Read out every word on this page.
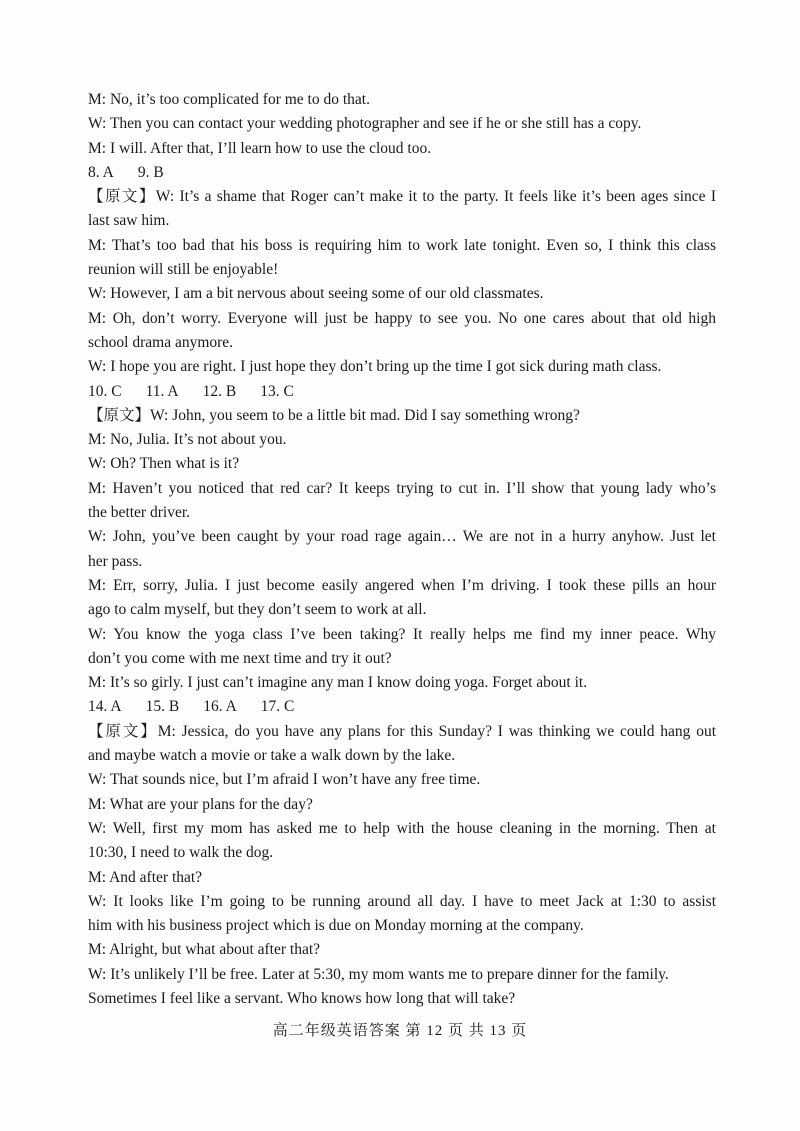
M: No, it’s too complicated for me to do that.
W: Then you can contact your wedding photographer and see if he or she still has a copy.
M: I will. After that, I’ll learn how to use the cloud too.
8. A 9. B
【原文】W: It’s a shame that Roger can’t make it to the party. It feels like it’s been ages since I
last saw him.
M: That’s too bad that his boss is requiring him to work late tonight. Even so, I think this class
reunion will still be enjoyable!
W: However, I am a bit nervous about seeing some of our old classmates.
M: Oh, don’t worry. Everyone will just be happy to see you. No one cares about that old high
school drama anymore.
W: I hope you are right. I just hope they don’t bring up the time I got sick during math class.
10. C 11. A 12. B 13. C
【原文】W: John, you seem to be a little bit mad. Did I say something wrong?
M: No, Julia. It’s not about you.
W: Oh? Then what is it?
M: Haven’t you noticed that red car? It keeps trying to cut in. I’ll show that young lady who’s
the better driver.
W: John, you’ve been caught by your road rage again… We are not in a hurry anyhow. Just let
her pass.
M: Err, sorry, Julia. I just become easily angered when I’m driving. I took these pills an hour
ago to calm myself, but they don’t seem to work at all.
W: You know the yoga class I’ve been taking? It really helps me find my inner peace. Why
don’t you come with me next time and try it out?
M: It’s so girly. I just can’t imagine any man I know doing yoga. Forget about it.
14. A 15. B 16. A 17. C
【原文】M: Jessica, do you have any plans for this Sunday? I was thinking we could hang out
and maybe watch a movie or take a walk down by the lake.
W: That sounds nice, but I’m afraid I won’t have any free time.
M: What are your plans for the day?
W: Well, first my mom has asked me to help with the house cleaning in the morning. Then at
10:30, I need to walk the dog.
M: And after that?
W: It looks like I’m going to be running around all day. I have to meet Jack at 1:30 to assist
him with his business project which is due on Monday morning at the company.
M: Alright, but what about after that?
W: It’s unlikely I’ll be free. Later at 5:30, my mom wants me to prepare dinner for the family.
Sometimes I feel like a servant. Who knows how long that will take?
高二年级英语答案 第 12 页 共 13 页
